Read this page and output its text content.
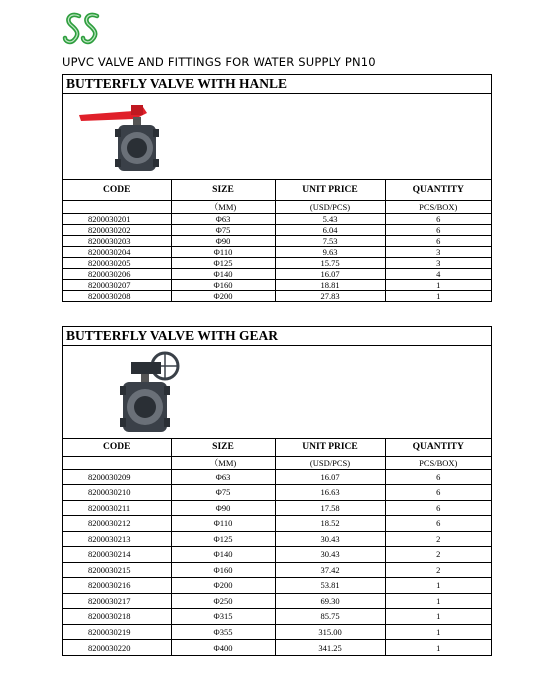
UPVC VALVE AND FITTINGS FOR WATER SUPPLY PN10
BUTTERFLY VALVE WITH HANLE
CODE	SIZE	UNIT PRICE	QUANTITY
	（MM)	(USD/PCS)	PCS/BOX)
8200030201	Φ63	5.43	6
8200030202	Φ75	6.04	6
8200030203	Φ90	7.53	6
8200030204	Φ110	9.63	3
8200030205	Φ125	15.75	3
8200030206	Φ140	16.07	4
8200030207	Φ160	18.81	1
8200030208	Φ200	27.83	1
BUTTERFLY VALVE WITH GEAR
CODE	SIZE	UNIT PRICE	QUANTITY
	（MM)	(USD/PCS)	PCS/BOX)
8200030209	Φ63	16.07	6
8200030210	Φ75	16.63	6
8200030211	Φ90	17.58	6
8200030212	Φ110	18.52	6
8200030213	Φ125	30.43	2
8200030214	Φ140	30.43	2
8200030215	Φ160	37.42	2
8200030216	Φ200	53.81	1
8200030217	Φ250	69.30	1
8200030218	Φ315	85.75	1
8200030219	Φ355	315.00	1
8200030220	Φ400	341.25	1
